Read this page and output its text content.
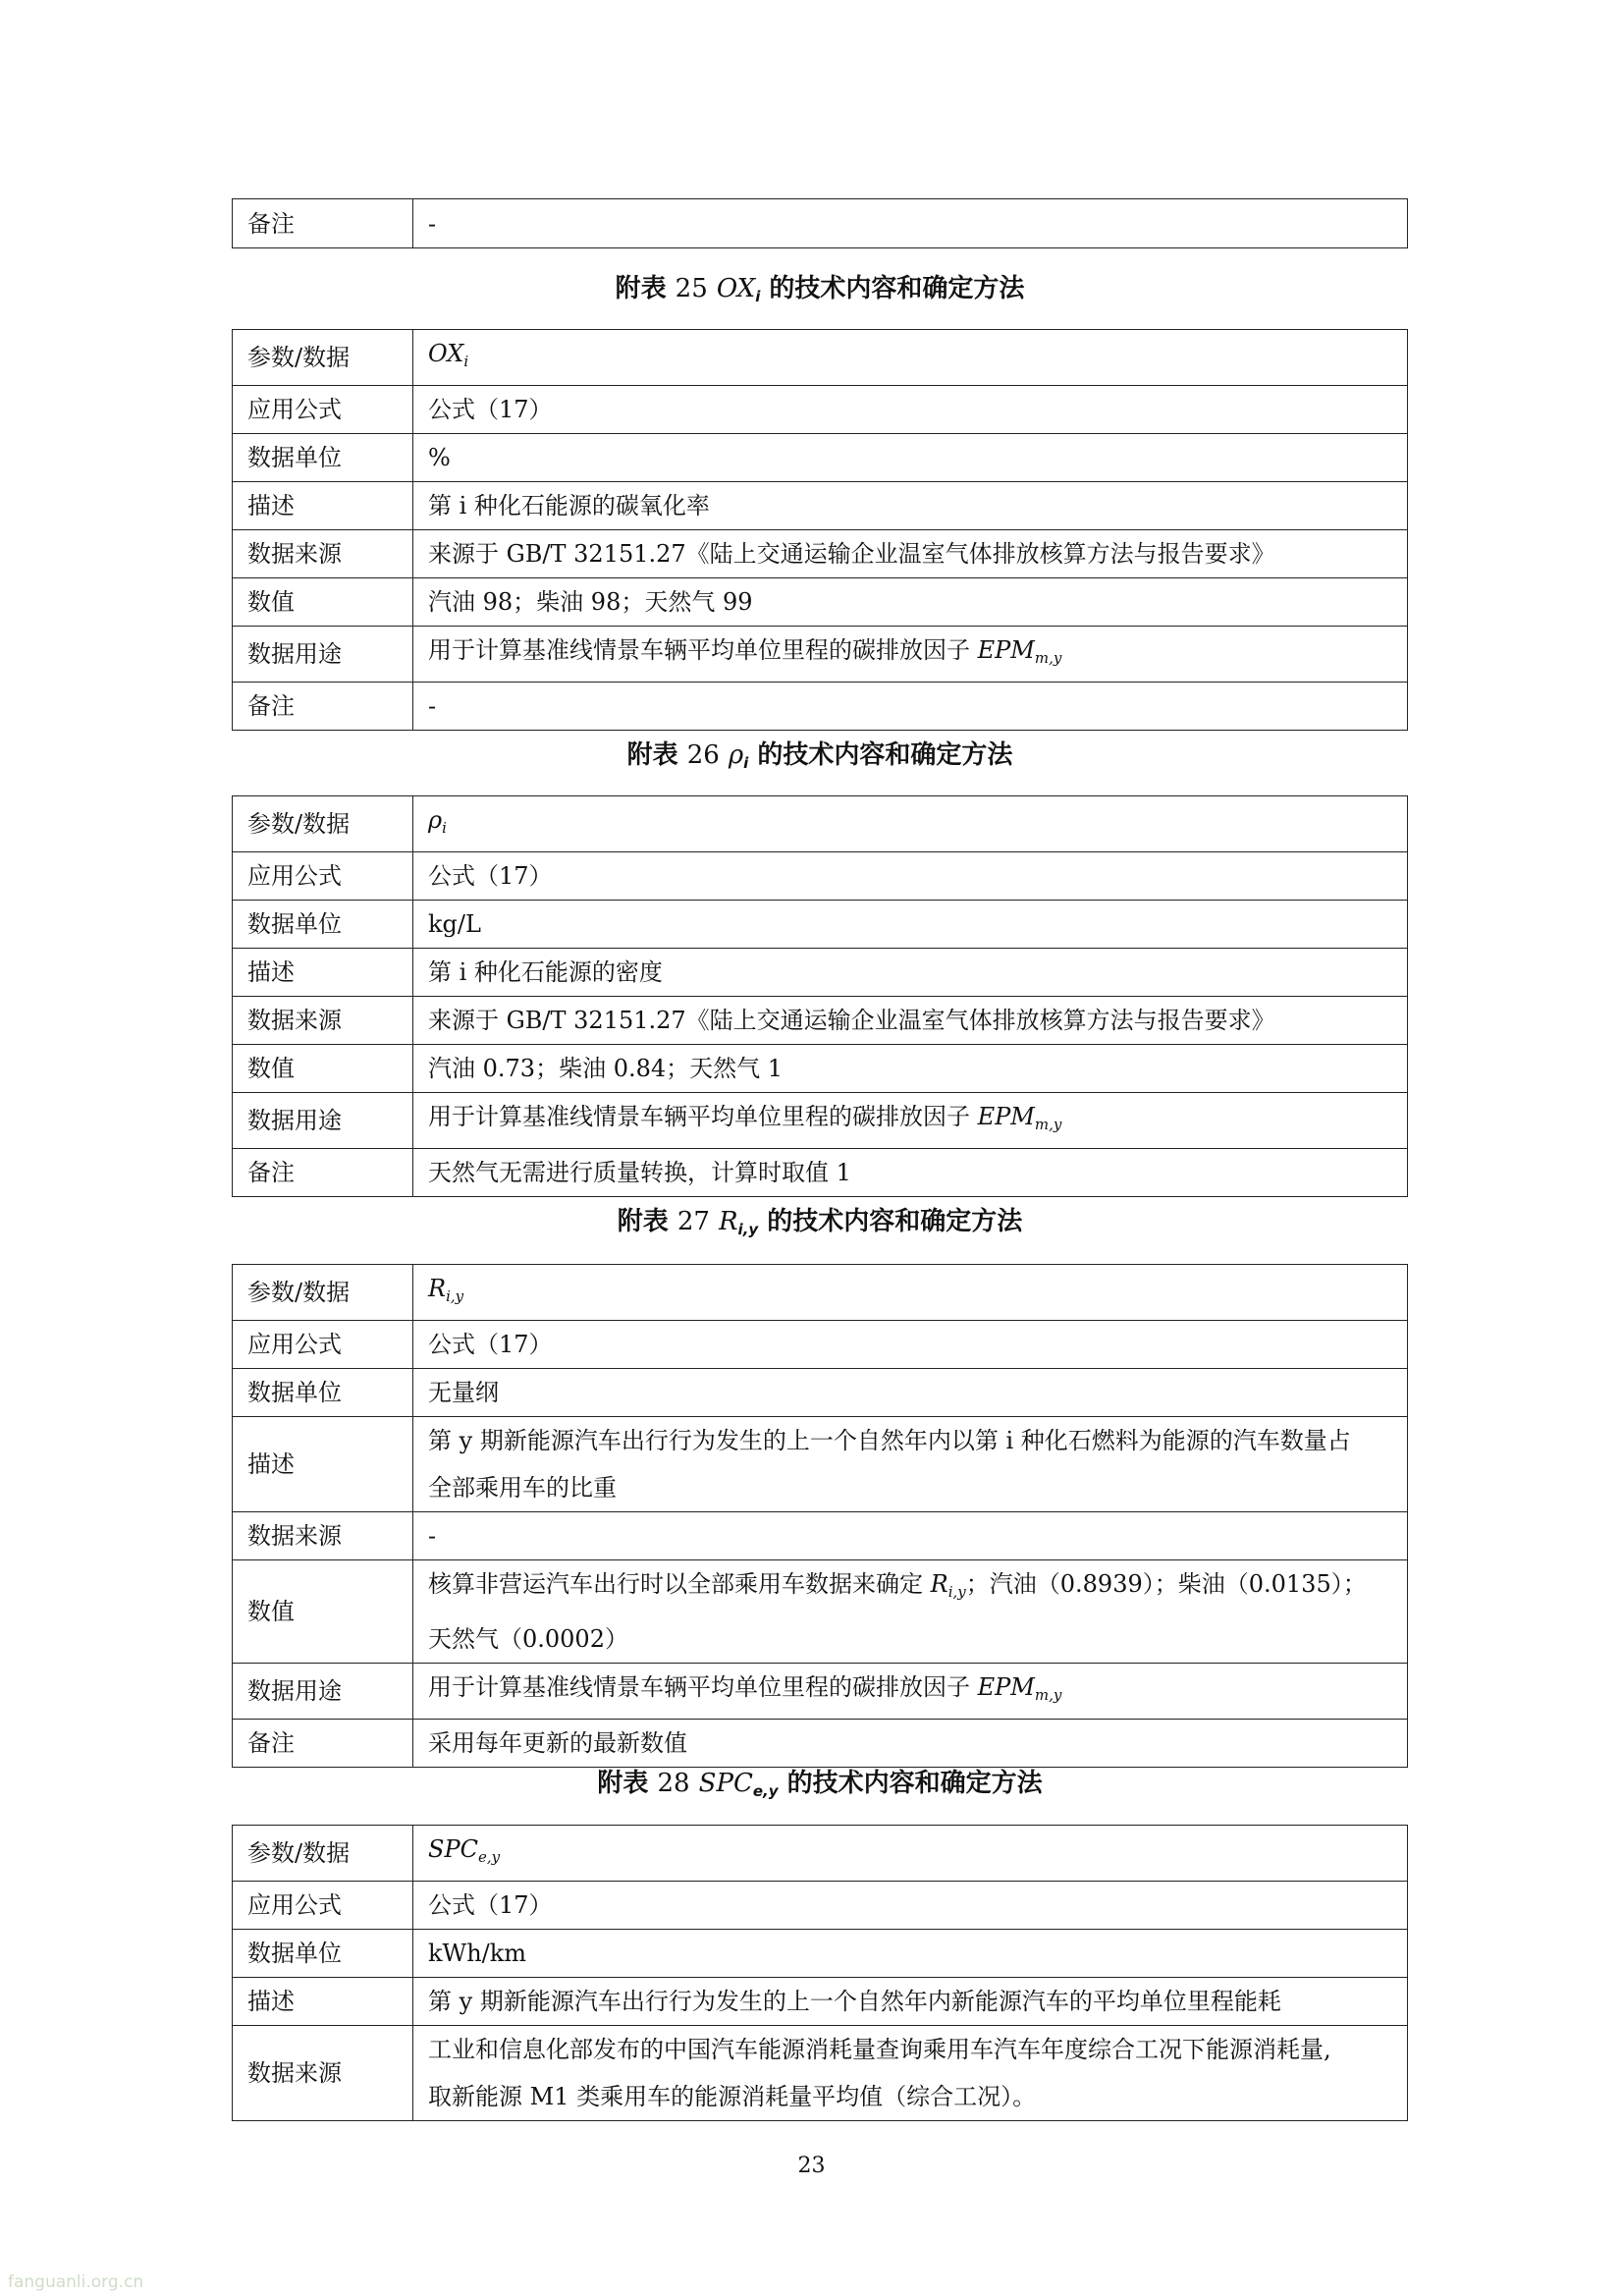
备注	-
附表 25 $OX_i$ 的技术内容和确定方法
参数/数据	$OX_i$
应用公式	公式（17）
数据单位	%
描述	第 i 种化石能源的碳氧化率
数据来源	来源于 GB/T 32151.27《陆上交通运输企业温室气体排放核算方法与报告要求》
数值	汽油 98；柴油 98；天然气 99
数据用途	用于计算基准线情景车辆平均单位里程的碳排放因子 $EPM_{m,y}$
备注	-
附表 26 $\rho_i$ 的技术内容和确定方法
参数/数据	$\rho_i$
应用公式	公式（17）
数据单位	kg/L
描述	第 i 种化石能源的密度
数据来源	来源于 GB/T 32151.27《陆上交通运输企业温室气体排放核算方法与报告要求》
数值	汽油 0.73；柴油 0.84；天然气 1
数据用途	用于计算基准线情景车辆平均单位里程的碳排放因子 $EPM_{m,y}$
备注	天然气无需进行质量转换，计算时取值 1
附表 27 $R_{i,y}$ 的技术内容和确定方法
参数/数据	$R_{i,y}$
应用公式	公式（17）
数据单位	无量纲
描述	第 y 期新能源汽车出行行为发生的上一个自然年内以第 i 种化石燃料为能源的汽车数量占
全部乘用车的比重

数据来源	-
数值	核算非营运汽车出行时以全部乘用车数据来确定 $R_{i,y}$；汽油（0.8939）；柴油（0.0135）；
天然气（0.0002）

数据用途	用于计算基准线情景车辆平均单位里程的碳排放因子 $EPM_{m,y}$
备注	采用每年更新的最新数值
附表 28 $SPC_{e,y}$ 的技术内容和确定方法
参数/数据	$SPC_{e,y}$
应用公式	公式（17）
数据单位	kWh/km
描述	第 y 期新能源汽车出行行为发生的上一个自然年内新能源汽车的平均单位里程能耗
数据来源	工业和信息化部发布的中国汽车能源消耗量查询乘用车汽车年度综合工况下能源消耗量,
取新能源 M1 类乘用车的能源消耗量平均值（综合工况）。
23
fanguanli.org.cn
